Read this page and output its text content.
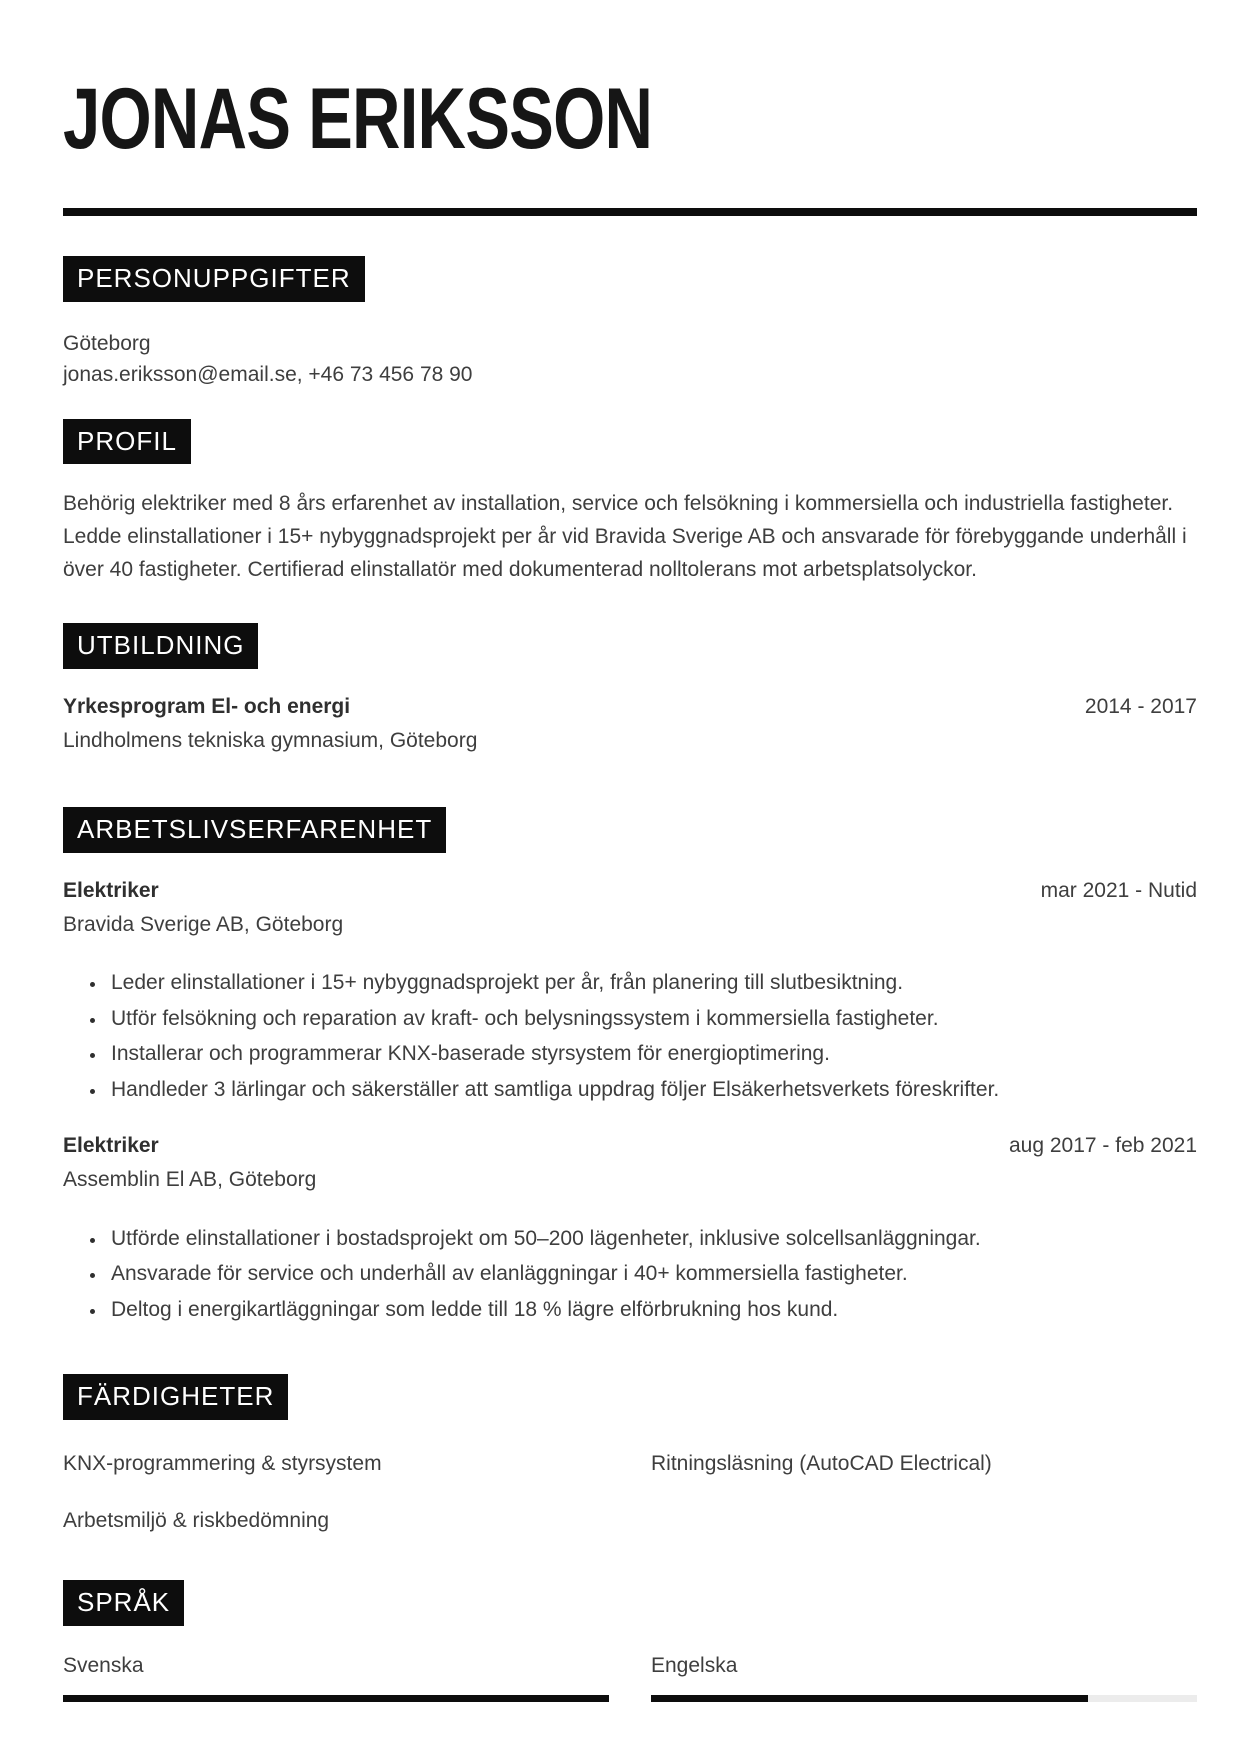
JONAS ERIKSSON
PERSONUPPGIFTER
Göteborg
jonas.eriksson@email.se, +46 73 456 78 90
PROFIL

Behörig elektriker med 8 års erfarenhet av installation, service och felsökning i kommersiella och industriella fastigheter. Ledde elinstallationer i 15+ nybyggnadsprojekt per år vid Bravida Sverige AB och ansvarade för förebyggande underhåll i över 40 fastigheter. Certifierad elinstallatör med dokumenterad nolltolerans mot arbetsplatsolyckor.

UTBILDNING
Yrkesprogram El- och energi	2014 - 2017
Lindholmens tekniska gymnasium, Göteborg
ARBETSLIVSERFARENHET
Elektriker	mar 2021 - Nutid
Bravida Sverige AB, Göteborg
• Leder elinstallationer i 15+ nybyggnadsprojekt per år, från planering till slutbesiktning.
• Utför felsökning och reparation av kraft- och belysningssystem i kommersiella fastigheter.
• Installerar och programmerar KNX-baserade styrsystem för energioptimering.
• Handleder 3 lärlingar och säkerställer att samtliga uppdrag följer Elsäkerhetsverkets föreskrifter.
Elektriker	aug 2017 - feb 2021
Assemblin El AB, Göteborg
• Utförde elinstallationer i bostadsprojekt om 50–200 lägenheter, inklusive solcellsanläggningar.
• Ansvarade för service och underhåll av elanläggningar i 40+ kommersiella fastigheter.
• Deltog i energikartläggningar som ledde till 18 % lägre elförbrukning hos kund.
FÄRDIGHETER
KNX-programmering & styrsystem	Ritningsläsning (AutoCAD Electrical)
Arbetsmiljö & riskbedömning
SPRÅK
Svenska	Engelska
